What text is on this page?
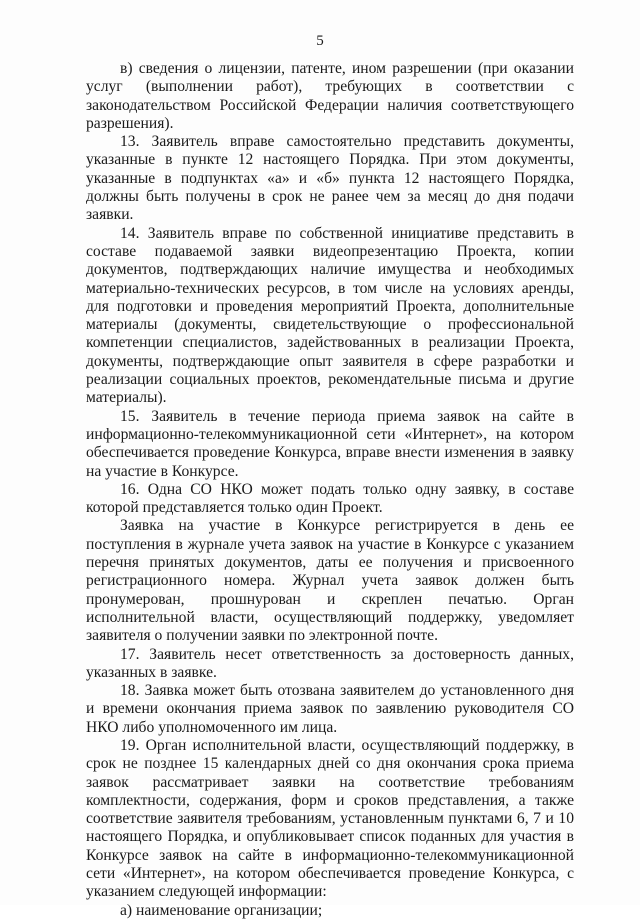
5

в) сведения о лицензии, патенте, ином разрешении (при оказании услуг (выполнении работ), требующих в соответствии с законодательством Российской Федерации наличия соответствующего разрешения).

13. Заявитель вправе самостоятельно представить документы, указанные в пункте 12 настоящего Порядка. При этом документы, указанные в подпунктах «а» и «б» пункта 12 настоящего Порядка, должны быть получены в срок не ранее чем за месяц до дня подачи заявки.

14. Заявитель вправе по собственной инициативе представить в составе подаваемой заявки видеопрезентацию Проекта, копии документов, подтверждающих наличие имущества и необходимых материально-технических ресурсов, в том числе на условиях аренды, для подготовки и проведения мероприятий Проекта, дополнительные материалы (документы, свидетельствующие о профессиональной компетенции специалистов, задействованных в реализации Проекта, документы, подтверждающие опыт заявителя в сфере разработки и реализации социальных проектов, рекомендательные письма и другие материалы).

15. Заявитель в течение периода приема заявок на сайте в информационно-телекоммуникационной сети «Интернет», на котором обеспечивается проведение Конкурса, вправе внести изменения в заявку на участие в Конкурсе.

16. Одна СО НКО может подать только одну заявку, в составе которой представляется только один Проект.

Заявка на участие в Конкурсе регистрируется в день ее поступления в журнале учета заявок на участие в Конкурсе с указанием перечня принятых документов, даты ее получения и присвоенного регистрационного номера. Журнал учета заявок должен быть пронумерован, прошнурован и скреплен печатью. Орган исполнительной власти, осуществляющий поддержку, уведомляет заявителя о получении заявки по электронной почте.

17. Заявитель несет ответственность за достоверность данных, указанных в заявке.

18. Заявка может быть отозвана заявителем до установленного дня и времени окончания приема заявок по заявлению руководителя СО НКО либо уполномоченного им лица.

19. Орган исполнительной власти, осуществляющий поддержку, в срок не позднее 15 календарных дней со дня окончания срока приема заявок рассматривает заявки на соответствие требованиям комплектности, содержания, форм и сроков представления, а также соответствие заявителя требованиям, установленным пунктами 6, 7 и 10 настоящего Порядка, и опубликовывает список поданных для участия в Конкурсе заявок на сайте в информационно-телекоммуникационной сети «Интернет», на котором обеспечивается проведение Конкурса, с указанием следующей информации:

а) наименование организации;
